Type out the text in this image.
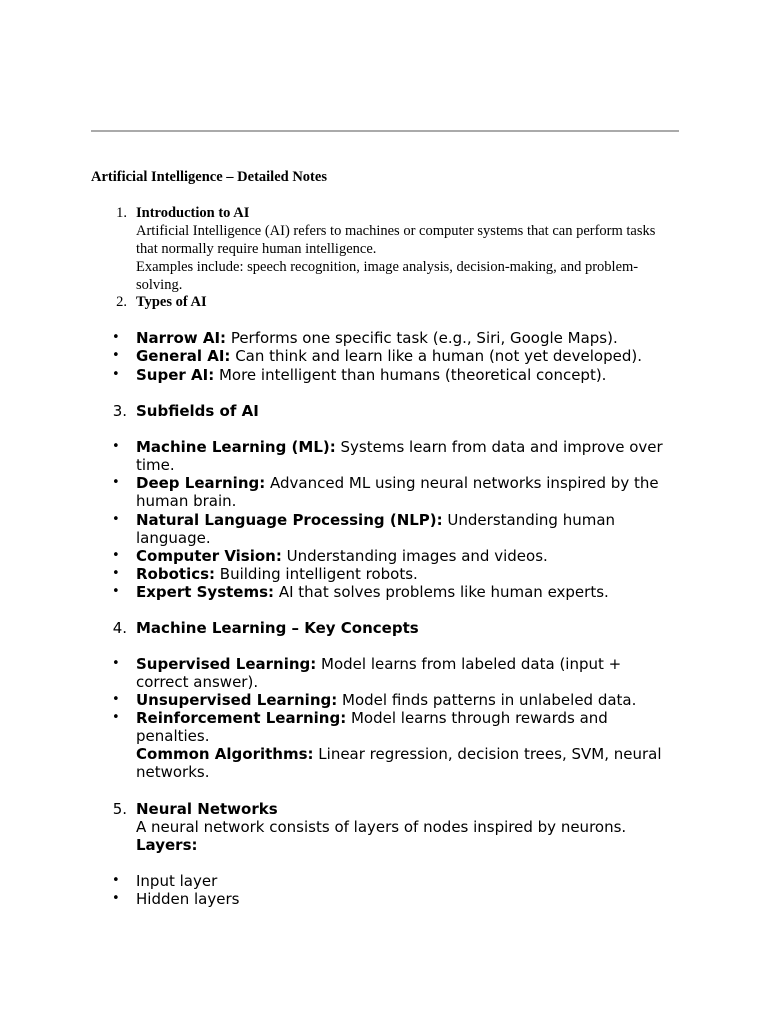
Artificial Intelligence – Detailed Notes
1. Introduction to AI
Artificial Intelligence (AI) refers to machines or computer systems that can perform tasks
that normally require human intelligence.
Examples include: speech recognition, image analysis, decision-making, and problem-
solving.
2. Types of AI
• Narrow AI: Performs one specific task (e.g., Siri, Google Maps).
• General AI: Can think and learn like a human (not yet developed).
• Super AI: More intelligent than humans (theoretical concept).
3. Subfields of AI
• Machine Learning (ML): Systems learn from data and improve over
time.
• Deep Learning: Advanced ML using neural networks inspired by the
human brain.
• Natural Language Processing (NLP): Understanding human
language.
• Computer Vision: Understanding images and videos.
• Robotics: Building intelligent robots.
• Expert Systems: AI that solves problems like human experts.
4. Machine Learning – Key Concepts
• Supervised Learning: Model learns from labeled data (input +
correct answer).
• Unsupervised Learning: Model finds patterns in unlabeled data.
• Reinforcement Learning: Model learns through rewards and
penalties.
Common Algorithms: Linear regression, decision trees, SVM, neural
networks.
5. Neural Networks
A neural network consists of layers of nodes inspired by neurons.
Layers:
• Input layer
• Hidden layers
